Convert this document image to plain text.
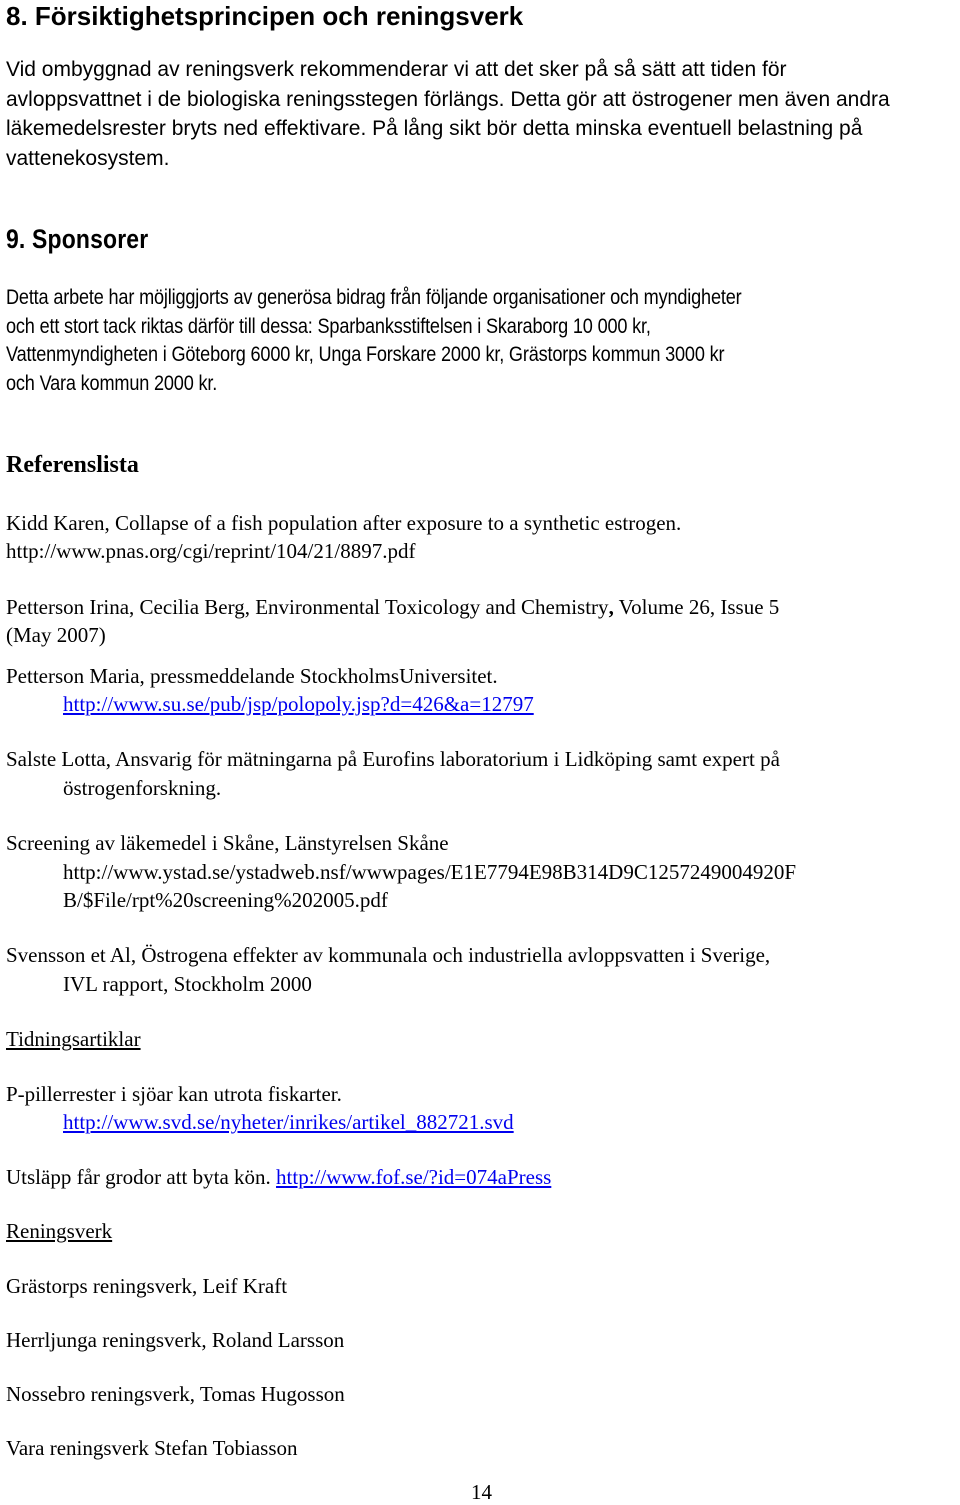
8. Försiktighetsprincipen och reningsverk
Vid ombyggnad av reningsverk rekommenderar vi att det sker på så sätt att tiden för
avloppsvattnet i de biologiska reningsstegen förlängs. Detta gör att östrogener men även andra
läkemedelsrester bryts ned effektivare. På lång sikt bör detta minska eventuell belastning på
vattenekosystem.
9. Sponsorer
Detta arbete har möjliggjorts av generösa bidrag från följande organisationer och myndigheter
och ett stort tack riktas därför till dessa: Sparbanksstiftelsen i Skaraborg 10 000 kr,
Vattenmyndigheten i Göteborg 6000 kr, Unga Forskare 2000 kr, Grästorps kommun 3000 kr
och Vara kommun 2000 kr.
Referenslista
Kidd Karen, Collapse of a fish population after exposure to a synthetic estrogen.
http://www.pnas.org/cgi/reprint/104/21/8897.pdf
Petterson Irina, Cecilia Berg, Environmental Toxicology and Chemistry, Volume 26, Issue 5
(May 2007)
Petterson Maria, pressmeddelande StockholmsUniversitet.
http://www.su.se/pub/jsp/polopoly.jsp?d=426&a=12797
Salste Lotta, Ansvarig för mätningarna på Eurofins laboratorium i Lidköping samt expert på
östrogenforskning.
Screening av läkemedel i Skåne, Länstyrelsen Skåne
http://www.ystad.se/ystadweb.nsf/wwwpages/E1E7794E98B314D9C1257249004920F
B/$File/rpt%20screening%202005.pdf
Svensson et Al, Östrogena effekter av kommunala och industriella avloppsvatten i Sverige,
IVL rapport, Stockholm 2000
Tidningsartiklar
P-pillerrester i sjöar kan utrota fiskarter.
http://www.svd.se/nyheter/inrikes/artikel_882721.svd
Utsläpp får grodor att byta kön. http://www.fof.se/?id=074aPress
Reningsverk
Grästorps reningsverk, Leif Kraft
Herrljunga reningsverk, Roland Larsson
Nossebro reningsverk, Tomas Hugosson
Vara reningsverk Stefan Tobiasson
14
